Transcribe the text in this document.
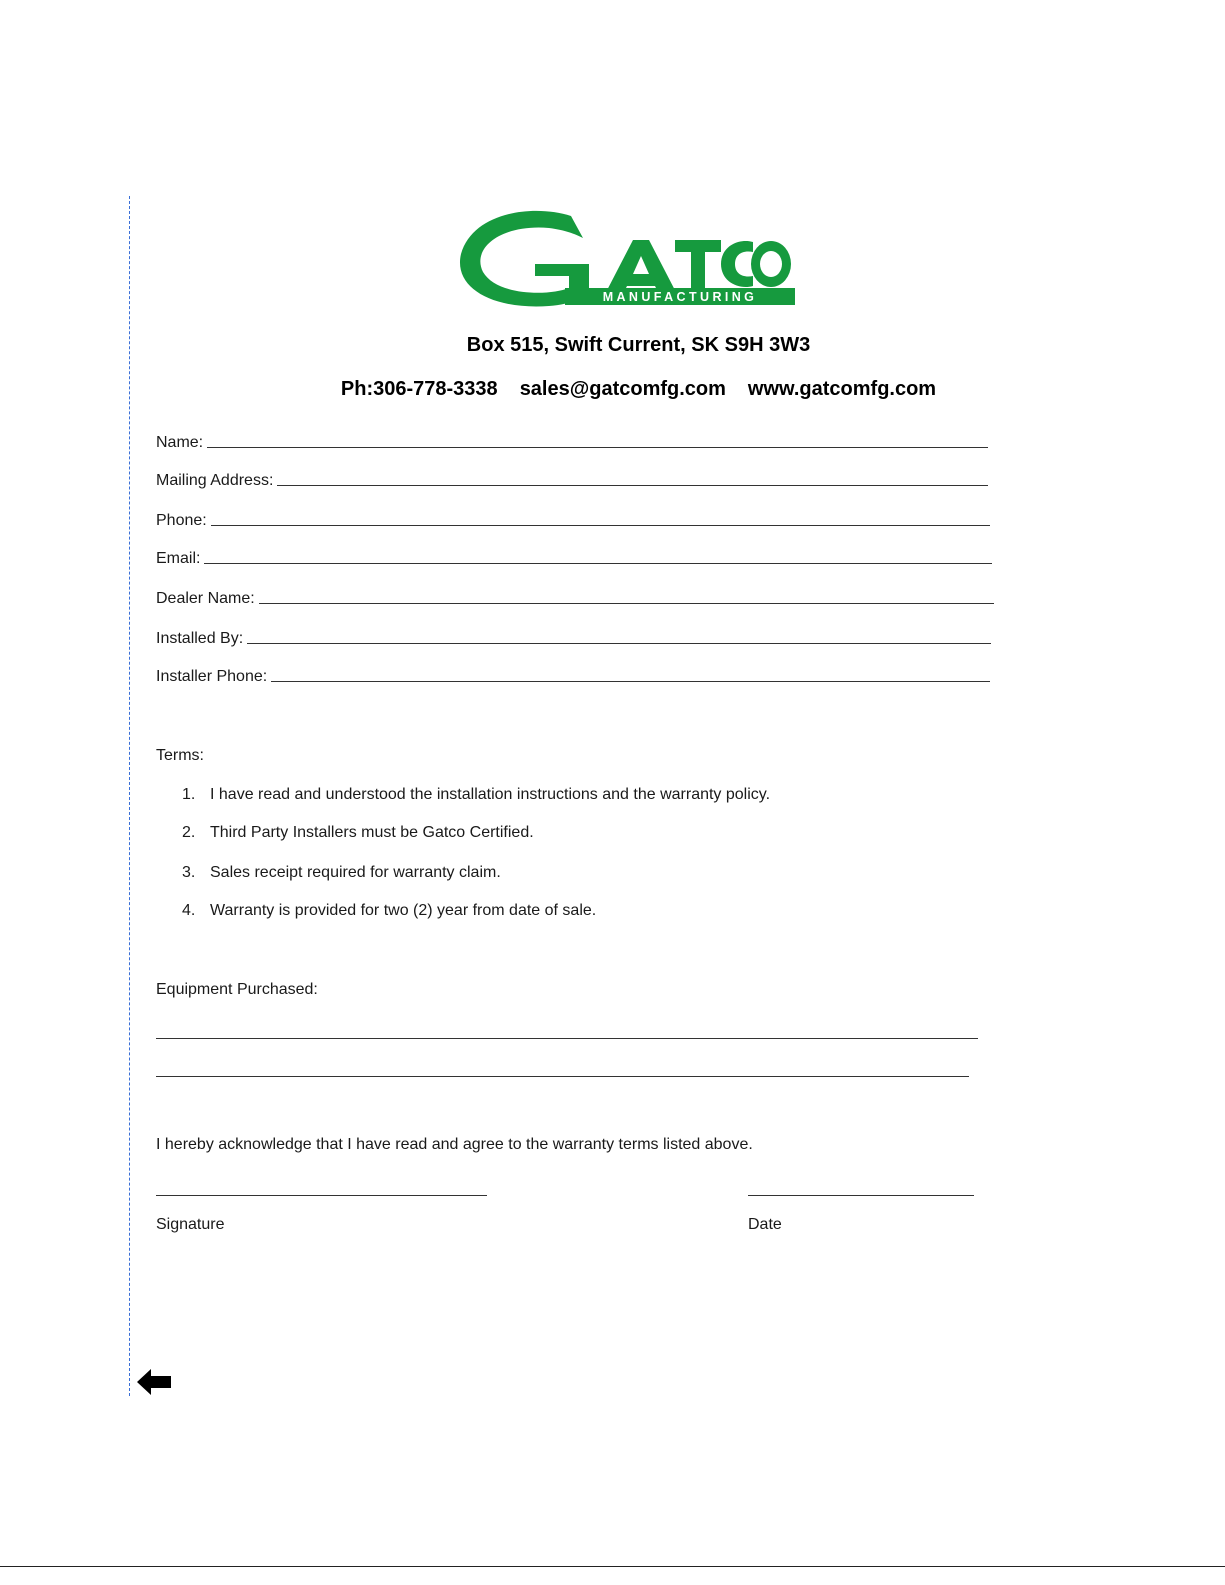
MANUFACTURING
Box 515, Swift Current, SK S9H 3W3
Ph:306-778-3338 sales@gatcomfg.com www.gatcomfg.com
Name:
Mailing Address:
Phone:
Email:
Dealer Name:
Installed By:
Installer Phone:
Terms:
1. I have read and understood the installation instructions and the warranty policy.
2. Third Party Installers must be Gatco Certified.
3. Sales receipt required for warranty claim.
4. Warranty is provided for two (2) year from date of sale.
Equipment Purchased:
I hereby acknowledge that I have read and agree to the warranty terms listed above.
Signature	Date
